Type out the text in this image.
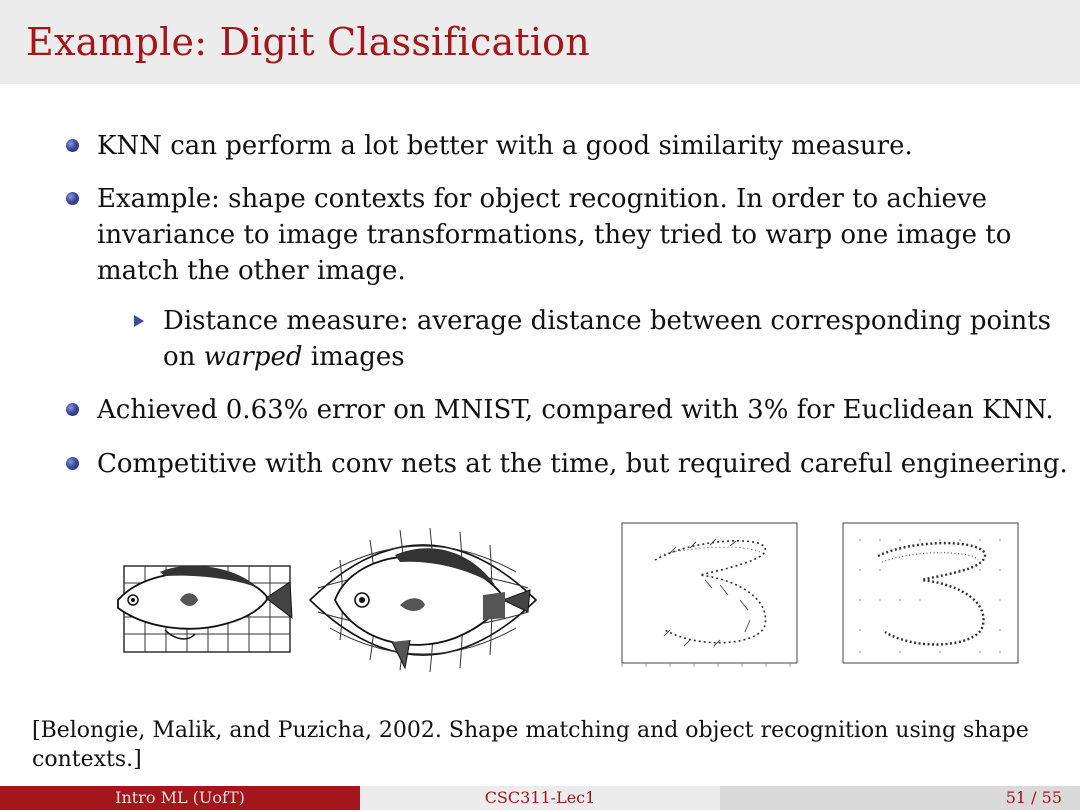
Example: Digit Classification
KNN can perform a lot better with a good similarity measure.
Example: shape contexts for object recognition. In order to achieve
invariance to image transformations, they tried to warp one image to
match the other image.
Distance measure: average distance between corresponding points
on warped images
Achieved 0.63% error on MNIST, compared with 3% for Euclidean KNN.
Competitive with conv nets at the time, but required careful engineering.
[Belongie, Malik, and Puzicha, 2002. Shape matching and object recognition using shape
contexts.]
Intro ML (UofT)	CSC311-Lec1	51 / 55
